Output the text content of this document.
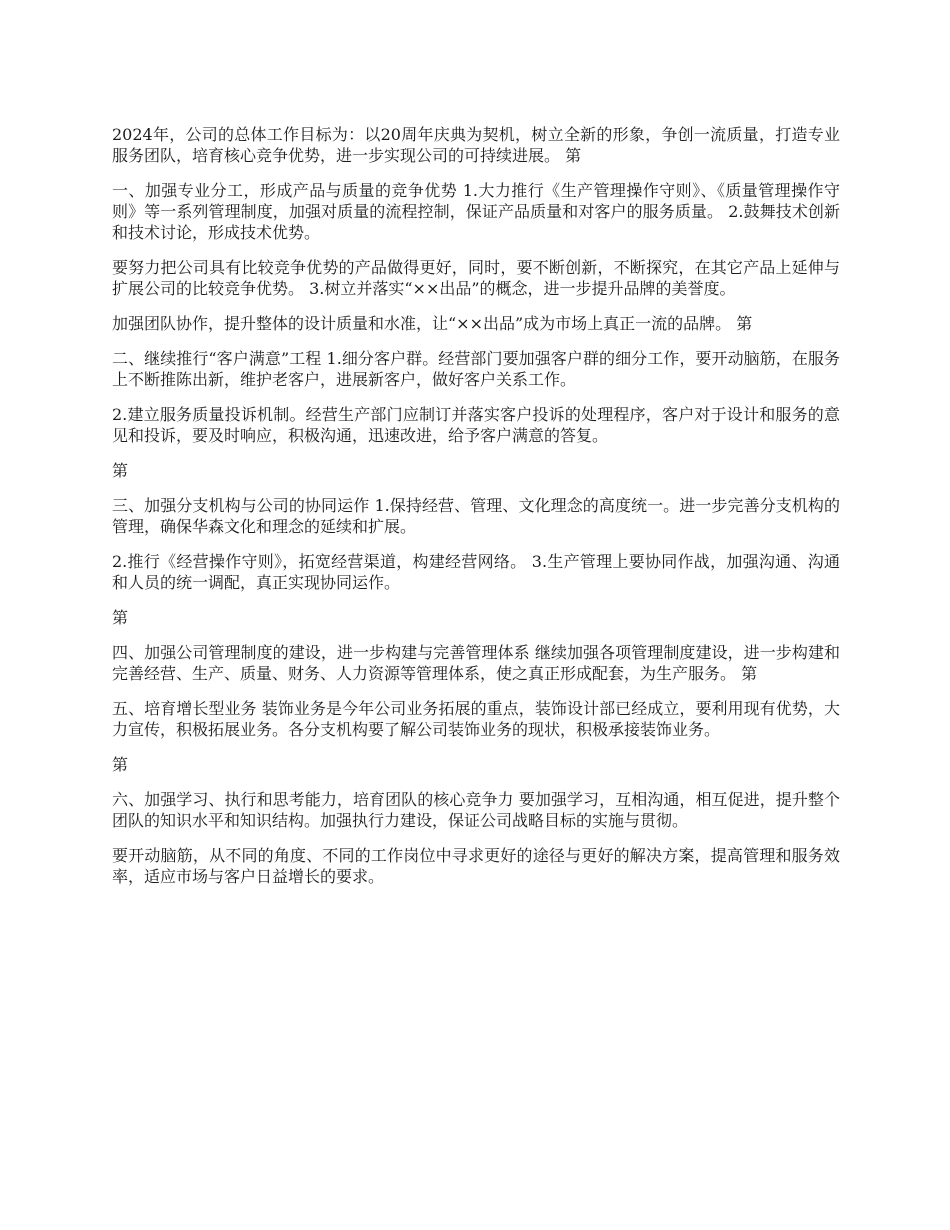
2024年，公司的总体工作目标为：以20周年庆典为契机，树立全新的形象，争创一流质量，打造专业服务团队，培育核心竞争优势，进一步实现公司的可持续进展。 第

一、加强专业分工，形成产品与质量的竞争优势 1.大力推行《生产管理操作守则》、《质量管理操作守则》等一系列管理制度，加强对质量的流程控制，保证产品质量和对客户的服务质量。 2.鼓舞技术创新和技术讨论，形成技术优势。

要努力把公司具有比较竞争优势的产品做得更好，同时，要不断创新，不断探究，在其它产品上延伸与扩展公司的比较竞争优势。 3.树立并落实“××出品”的概念，进一步提升品牌的美誉度。

加强团队协作，提升整体的设计质量和水准，让“××出品”成为市场上真正一流的品牌。 第

二、继续推行“客户满意”工程 1.细分客户群。经营部门要加强客户群的细分工作，要开动脑筋，在服务上不断推陈出新，维护老客户，进展新客户，做好客户关系工作。

2.建立服务质量投诉机制。经营生产部门应制订并落实客户投诉的处理程序，客户对于设计和服务的意见和投诉，要及时响应，积极沟通，迅速改进，给予客户满意的答复。

第

三、加强分支机构与公司的协同运作 1.保持经营、管理、文化理念的高度统一。进一步完善分支机构的管理，确保华森文化和理念的延续和扩展。

2.推行《经营操作守则》，拓宽经营渠道，构建经营网络。 3.生产管理上要协同作战，加强沟通、沟通和人员的统一调配，真正实现协同运作。

第

四、加强公司管理制度的建设，进一步构建与完善管理体系 继续加强各项管理制度建设，进一步构建和完善经营、生产、质量、财务、人力资源等管理体系，使之真正形成配套，为生产服务。 第

五、培育增长型业务 装饰业务是今年公司业务拓展的重点，装饰设计部已经成立，要利用现有优势，大力宣传，积极拓展业务。各分支机构要了解公司装饰业务的现状，积极承接装饰业务。

第

六、加强学习、执行和思考能力，培育团队的核心竞争力 要加强学习，互相沟通，相互促进，提升整个团队的知识水平和知识结构。加强执行力建设，保证公司战略目标的实施与贯彻。

要开动脑筋，从不同的角度、不同的工作岗位中寻求更好的途径与更好的解决方案，提高管理和服务效率，适应市场与客户日益增长的要求。
